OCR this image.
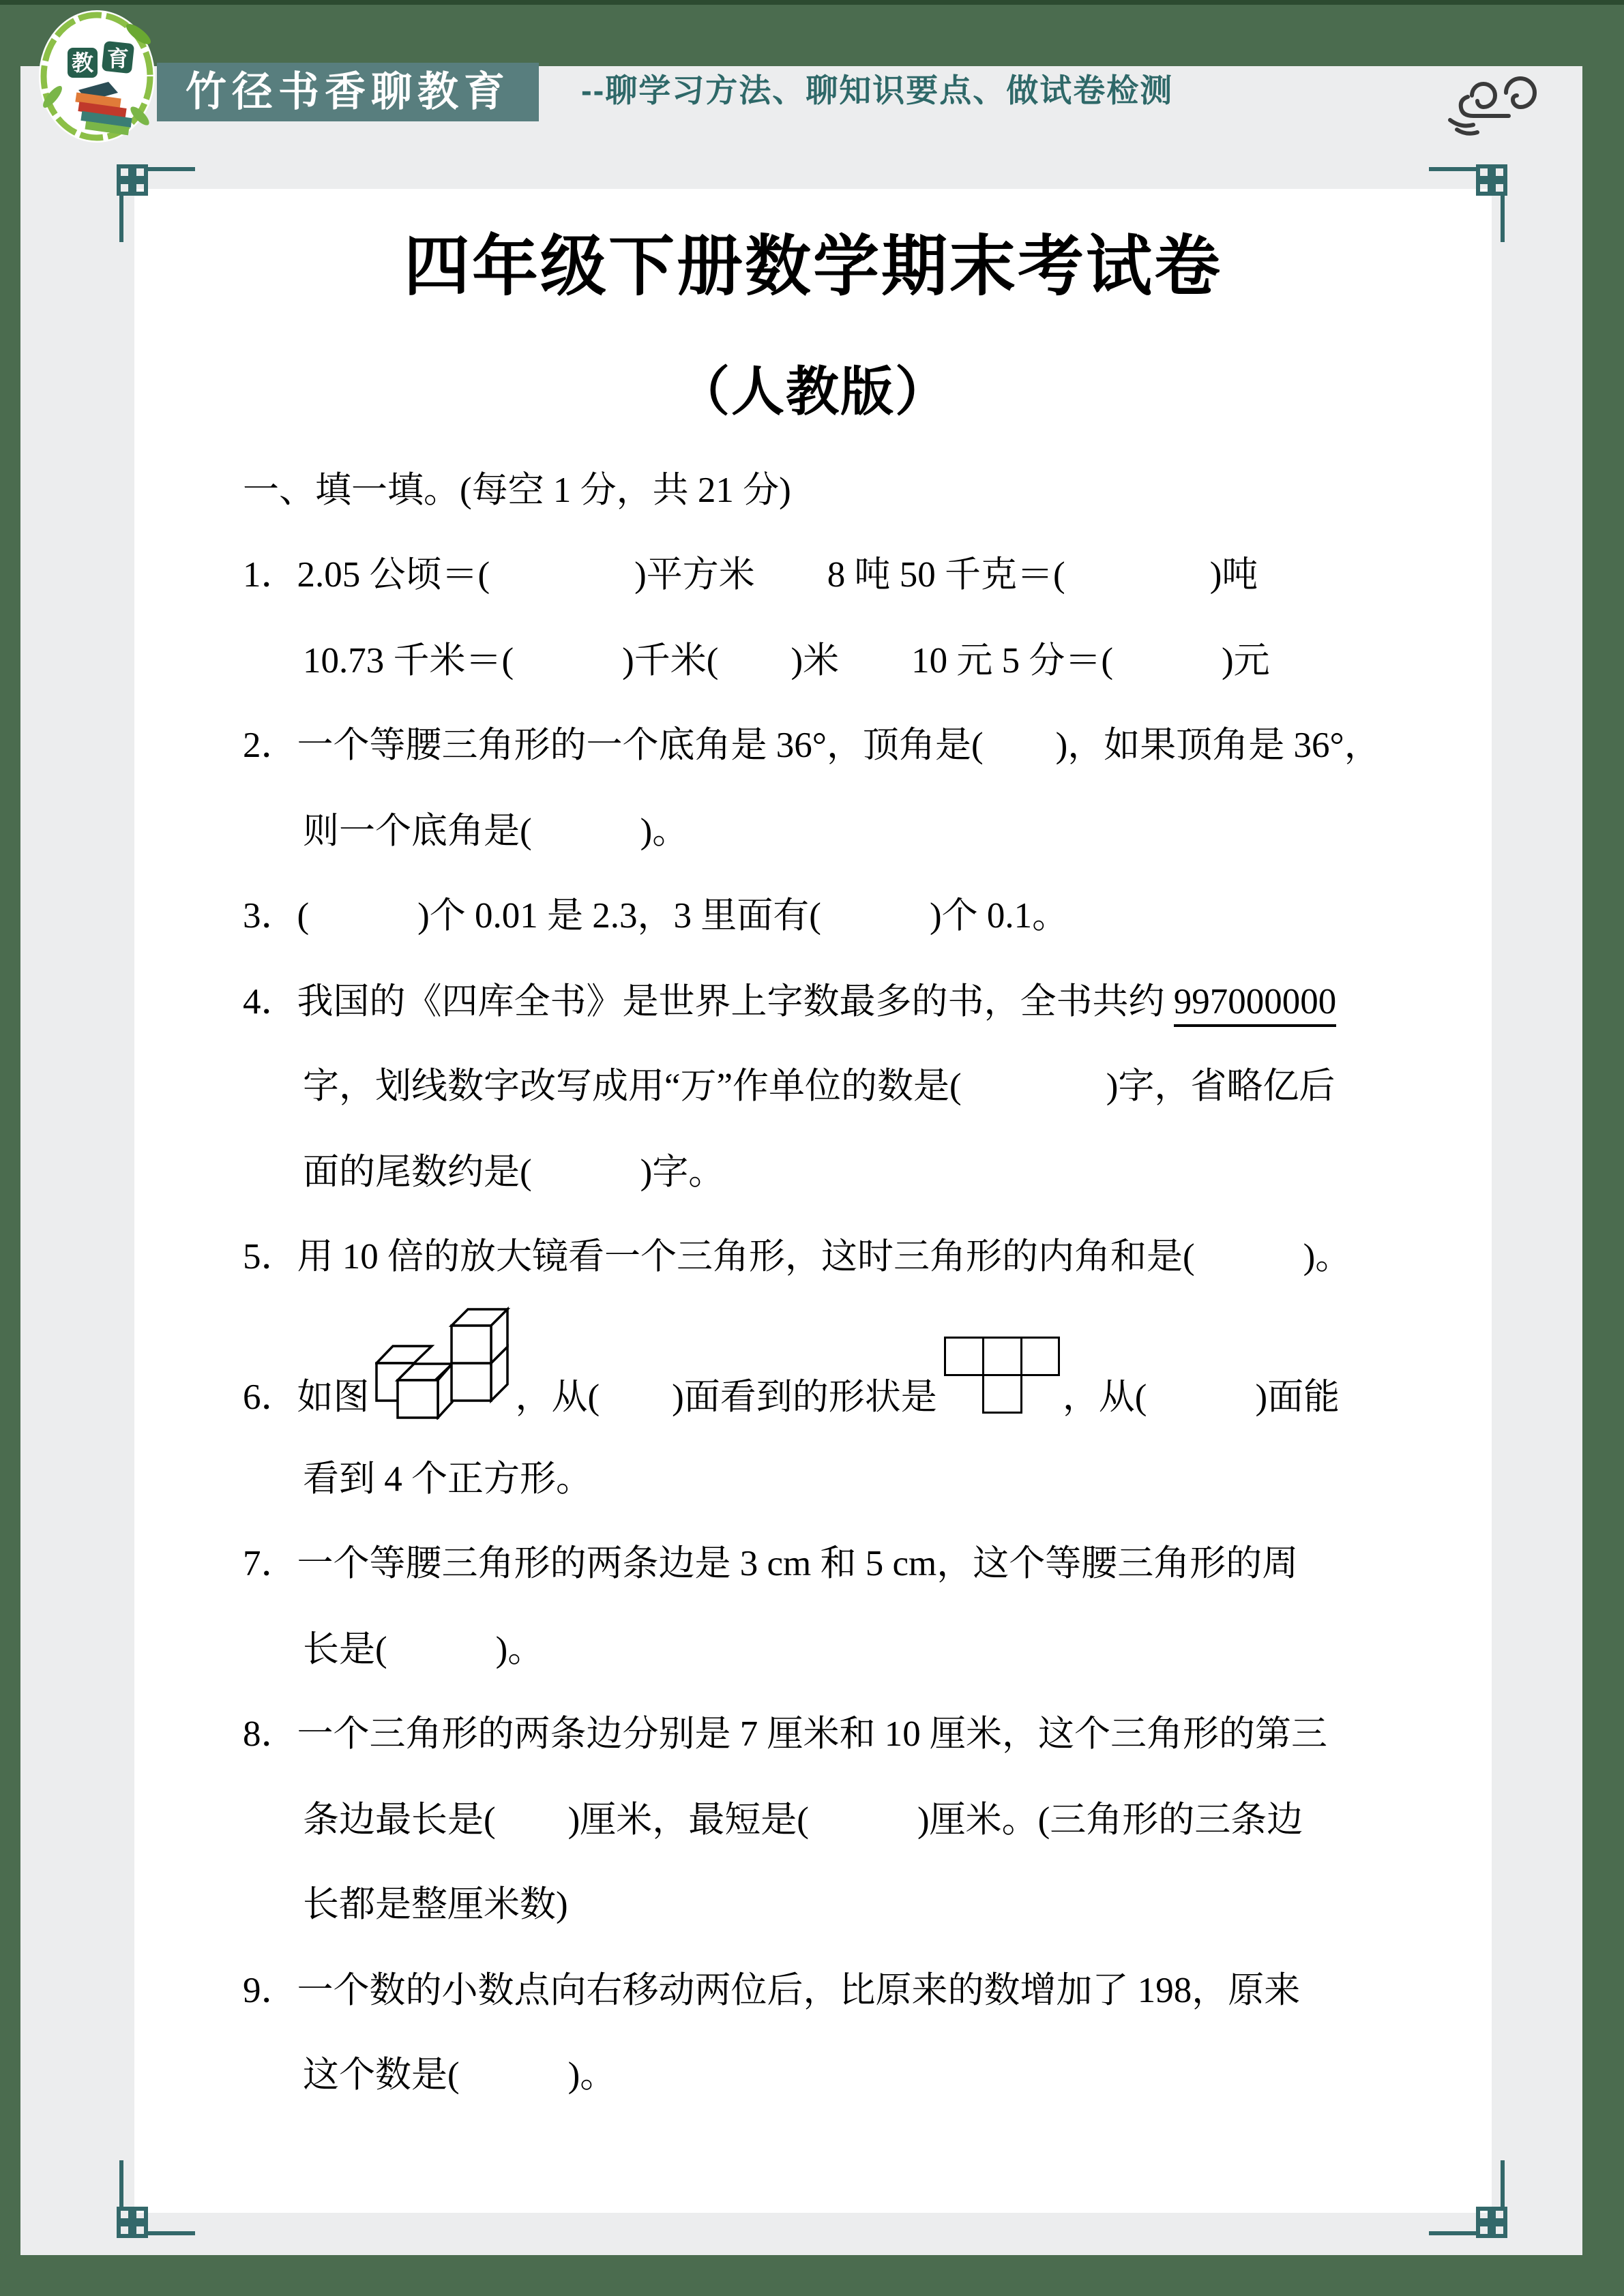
教 育
竹径书香聊教育	--聊学习方法、聊知识要点、做试卷检测
四年级下册数学期末考试卷
（人教版）
一、填一填。(每空 1 分，共 21 分)
1．2.05 公顷＝(　　　　)平方米　　8 吨 50 千克＝(　　　　)吨
10.73 千米＝(　　　)千米(　　)米　　10 元 5 分＝(　　　)元
2．一个等腰三角形的一个底角是 36°，顶角是(　　)，如果顶角是 36°，
则一个底角是(　　　)。
3．(　　　)个 0.01 是 2.3，3 里面有(　　　)个 0.1。
4．我国的《四库全书》是世界上字数最多的书，全书共约 997000000
字，划线数字改写成用“万”作单位的数是(　　　　)字，省略亿后
面的尾数约是(　　　)字。
5．用 10 倍的放大镜看一个三角形，这时三角形的内角和是(　　　)。
6．如图	，从(　　)面看到的形状是	，从(　　　)面能
看到 4 个正方形。
7．一个等腰三角形的两条边是 3 cm 和 5 cm，这个等腰三角形的周
长是(　　　)。
8．一个三角形的两条边分别是 7 厘米和 10 厘米，这个三角形的第三
条边最长是(　　)厘米，最短是(　　　)厘米。(三角形的三条边
长都是整厘米数)
9．一个数的小数点向右移动两位后，比原来的数增加了 198，原来
这个数是(　　　)。
